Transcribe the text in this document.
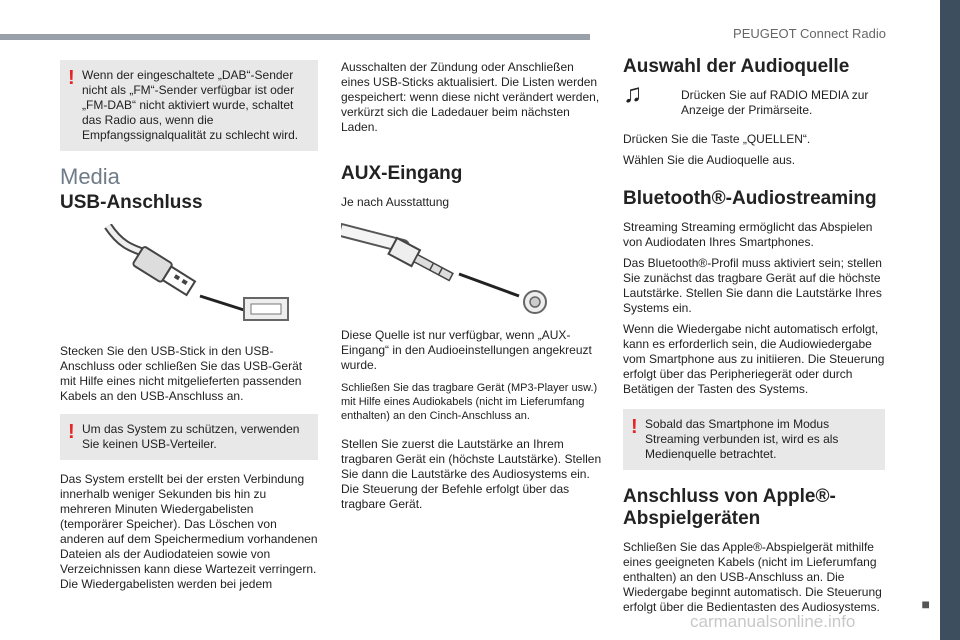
PEUGEOT Connect Radio
! Wenn der eingeschaltete „DAB“-Sender nicht als „FM“-Sender verfügbar ist oder „FM-DAB“ nicht aktiviert wurde, schaltet das Radio aus, wenn die Empfangssignalqualität zu schlecht wird.
Media
USB-Anschluss

Stecken Sie den USB-Stick in den USB-Anschluss oder schließen Sie das USB-Gerät mit Hilfe eines nicht mitgelieferten passenden Kabels an den USB-Anschluss an.

! Um das System zu schützen, verwenden Sie keinen USB-Verteiler.

Das System erstellt bei der ersten Verbindung innerhalb weniger Sekunden bis hin zu mehreren Minuten Wiedergabelisten (temporärer Speicher). Das Löschen von anderen auf dem Speichermedium vorhandenen Dateien als der Audiodateien sowie von Verzeichnissen kann diese Wartezeit verringern. Die Wiedergabelisten werden bei jedem

Ausschalten der Zündung oder Anschließen eines USB-Sticks aktualisiert. Die Listen werden gespeichert: wenn diese nicht verändert werden, verkürzt sich die Ladedauer beim nächsten Laden.

AUX-Eingang

Je nach Ausstattung

Diese Quelle ist nur verfügbar, wenn „AUX-Eingang“ in den Audioeinstellungen angekreuzt wurde.

Schließen Sie das tragbare Gerät (MP3-Player usw.) mit Hilfe eines Audiokabels (nicht im Lieferumfang enthalten) an den Cinch-Anschluss an.

Stellen Sie zuerst die Lautstärke an Ihrem tragbaren Gerät ein (höchste Lautstärke). Stellen Sie dann die Lautstärke des Audiosystems ein. Die Steuerung der Befehle erfolgt über das tragbare Gerät.

Auswahl der Audioquelle
♫	Drücken Sie auf RADIO MEDIA zur Anzeige der Primärseite.

Drücken Sie die Taste „QUELLEN“.

Wählen Sie die Audioquelle aus.

Bluetooth®-Audiostreaming

Streaming Streaming ermöglicht das Abspielen von Audiodaten Ihres Smartphones.

Das Bluetooth®-Profil muss aktiviert sein; stellen Sie zunächst das tragbare Gerät auf die höchste Lautstärke. Stellen Sie dann die Lautstärke Ihres Systems ein.

Wenn die Wiedergabe nicht automatisch erfolgt, kann es erforderlich sein, die Audiowiedergabe vom Smartphone aus zu initiieren. Die Steuerung erfolgt über das Peripheriegerät oder durch Betätigen der Tasten des Systems.

! Sobald das Smartphone im Modus Streaming verbunden ist, wird es als Medienquelle betrachtet.
Anschluss von Apple®-Abspielgeräten

Schließen Sie das Apple®-Abspielgerät mithilfe eines geeigneten Kabels (nicht im Lieferumfang enthalten) an den USB-Anschluss an. Die Wiedergabe beginnt automatisch. Die Steuerung erfolgt über die Bedientasten des Audiosystems.	■
carmanualsonline.info
